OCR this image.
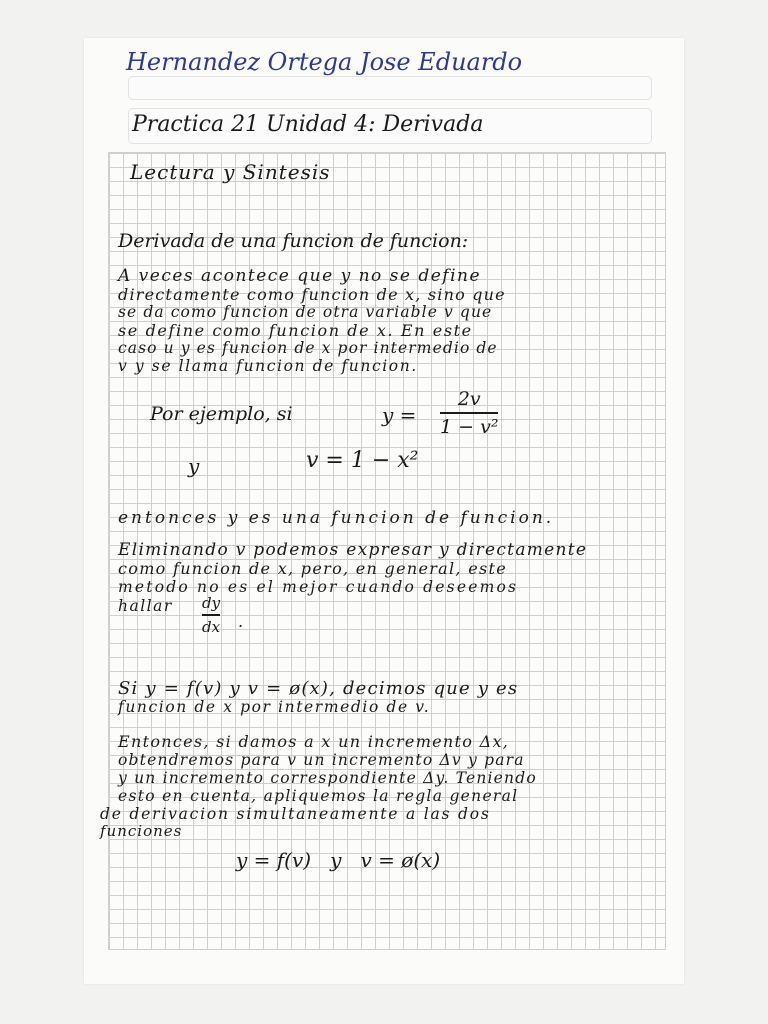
Hernandez Ortega Jose Eduardo
Practica 21 Unidad 4: Derivada
Lectura y Sintesis
Derivada de una funcion de funcion:
A veces acontece que y no se define
directamente como funcion de x, sino que
se da como funcion de otra variable v que
se define como funcion de x. En este
caso u y es funcion de x por intermedio de
v y se llama funcion de funcion.
Por ejemplo, si	y =
2v
1 − v²
y	v = 1 − x²
entonces y es una funcion de funcion.
Eliminando v podemos expresar y directamente
como funcion de x, pero, en general, este
metodo no es el mejor cuando deseemos
hallar dy
dx .
Si y = f(v) y v = ø(x), decimos que y es
funcion de x por intermedio de v.
Entonces, si damos a x un incremento Δx,
obtendremos para v un incremento Δv y para
y un incremento correspondiente Δy. Teniendo
esto en cuenta, apliquemos la regla general
de derivacion simultaneamente a las dos
funciones
y = f(v)   y   v = ø(x)
